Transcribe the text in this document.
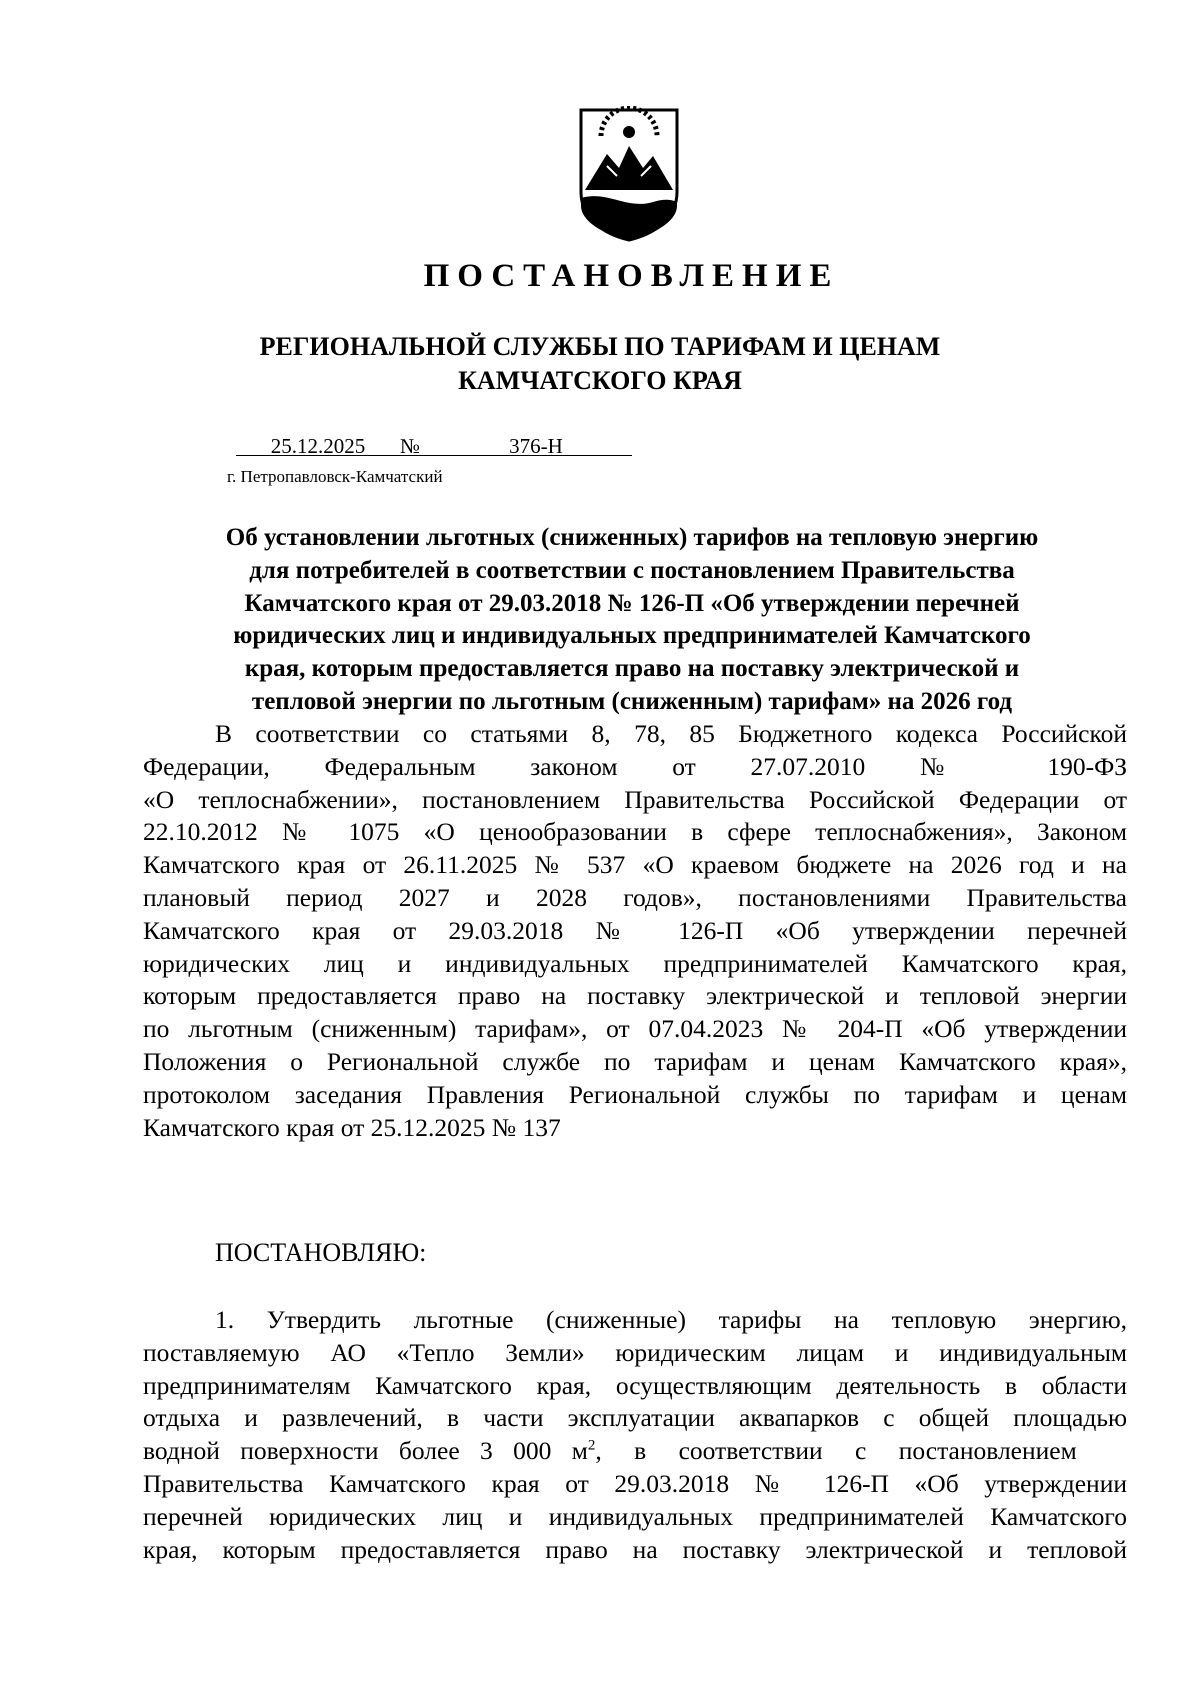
ПОСТАНОВЛЕНИЕ
РЕГИОНАЛЬНОЙ СЛУЖБЫ ПО ТАРИФАМ И ЦЕНАМ
КАМЧАТСКОГО КРАЯ
25.12.2025 №	376-Н
г. Петропавловск-Камчатский
Об установлении льготных (сниженных) тарифов на тепловую энергию
для потребителей в соответствии с постановлением Правительства
Камчатского края от 29.03.2018 № 126-П «Об утверждении перечней
юридических лиц и индивидуальных предпринимателей Камчатского
края, которым предоставляется право на поставку электрической и
тепловой энергии по льготным (сниженным) тарифам» на 2026 год
В соответствии со статьями 8, 78, 85 Бюджетного кодекса Российской
Федерации, Федеральным законом от 27.07.2010 № 190-ФЗ
«О теплоснабжении», постановлением Правительства Российской Федерации от
22.10.2012 № 1075 «О ценообразовании в сфере теплоснабжения», Законом
Камчатского края от 26.11.2025 № 537 «О краевом бюджете на 2026 год и на
плановый период 2027 и 2028 годов», постановлениями Правительства
Камчатского края от 29.03.2018 № 126-П «Об утверждении перечней
юридических лиц и индивидуальных предпринимателей Камчатского края,
которым предоставляется право на поставку электрической и тепловой энергии
по льготным (сниженным) тарифам», от 07.04.2023 № 204-П «Об утверждении
Положения о Региональной службе по тарифам и ценам Камчатского края»,
протоколом заседания Правления Региональной службы по тарифам и ценам
Камчатского края от 25.12.2025 № 137
ПОСТАНОВЛЯЮ:
1. Утвердить льготные (сниженные) тарифы на тепловую энергию,
поставляемую АО «Тепло Земли» юридическим лицам и индивидуальным
предпринимателям Камчатского края, осуществляющим деятельность в области
отдыха и развлечений, в части эксплуатации аквапарков с общей площадью
водной поверхности более 3 000 $м^2$, в соответствии с постановлением
Правительства Камчатского края от 29.03.2018 № 126-П «Об утверждении
перечней юридических лиц и индивидуальных предпринимателей Камчатского
края, которым предоставляется право на поставку электрической и тепловой
